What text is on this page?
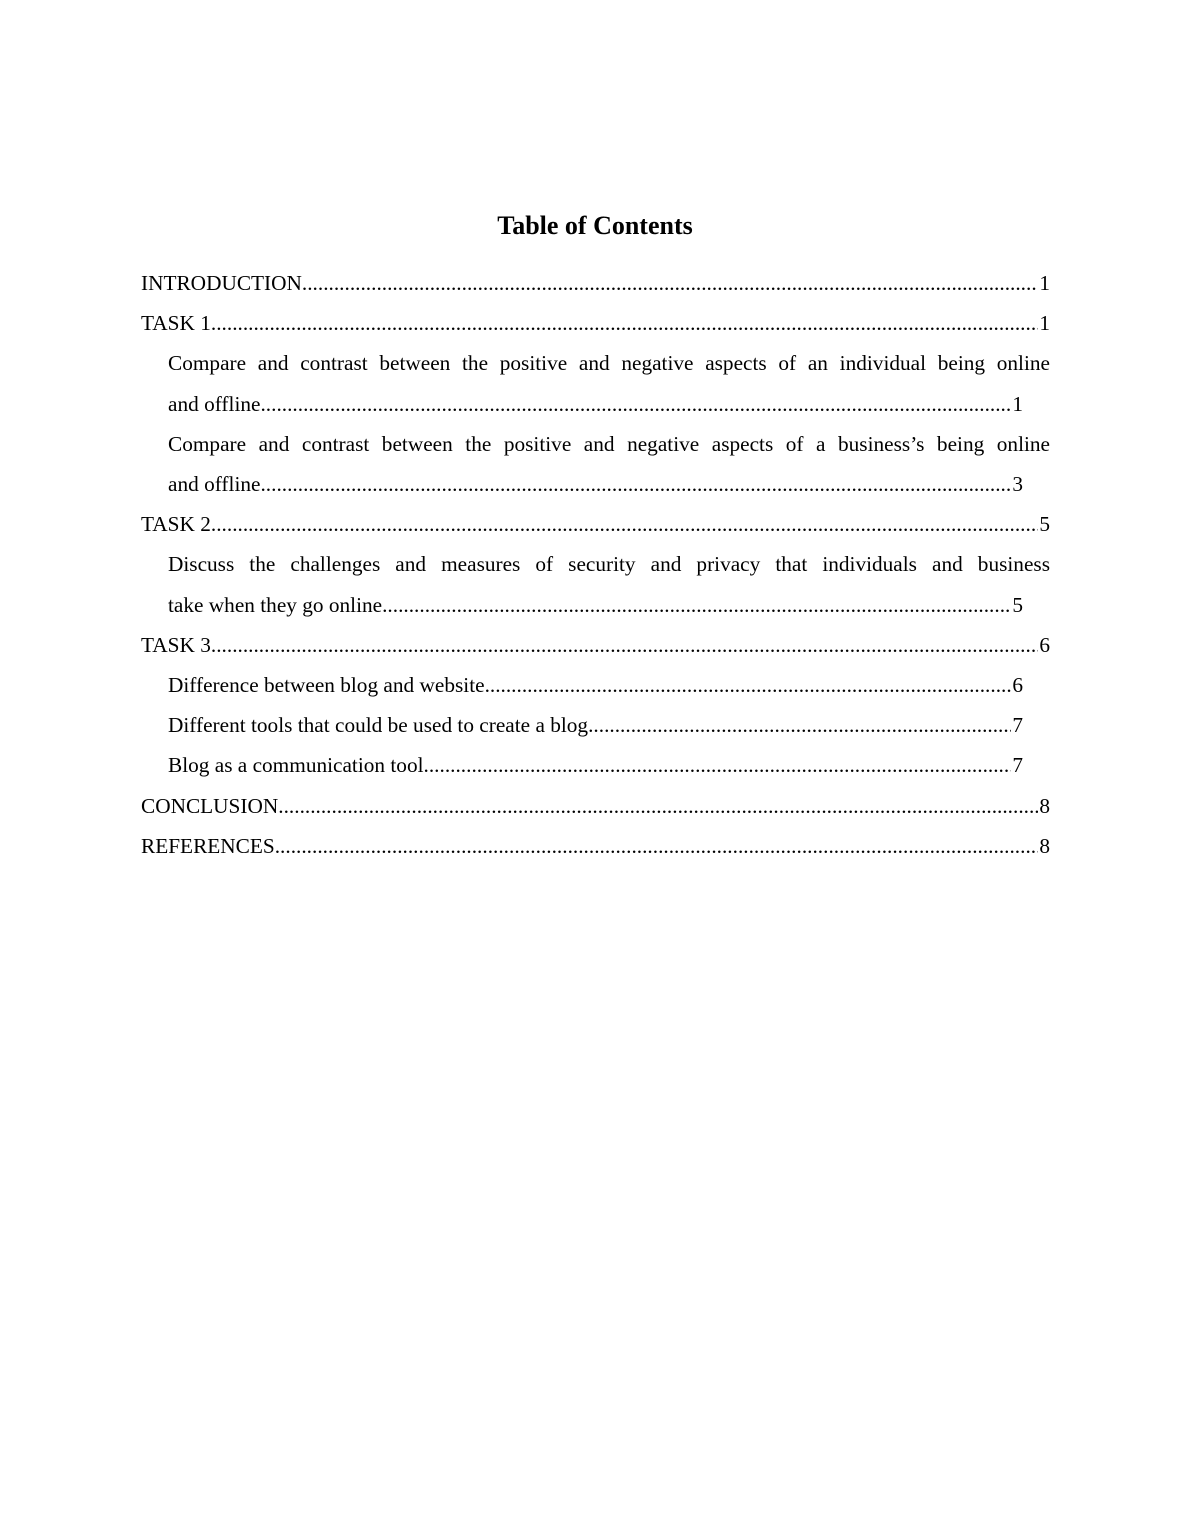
Table of Contents
INTRODUCTION .....	1
TASK 1 .....	1
Compare and contrast between the positive and negative aspects of an individual being online
and offline .....	1
Compare and contrast between the positive and negative aspects of a business’s being online
and offline .....	3
TASK 2 .....	5
Discuss the challenges and measures of security and privacy that individuals and business
take when they go online .....	5
TASK 3 .....	6
Difference between blog and website .....	6
Different tools that could be used to create a blog .....	7
Blog as a communication tool .....	7
CONCLUSION .....	8
REFERENCES .....	8
